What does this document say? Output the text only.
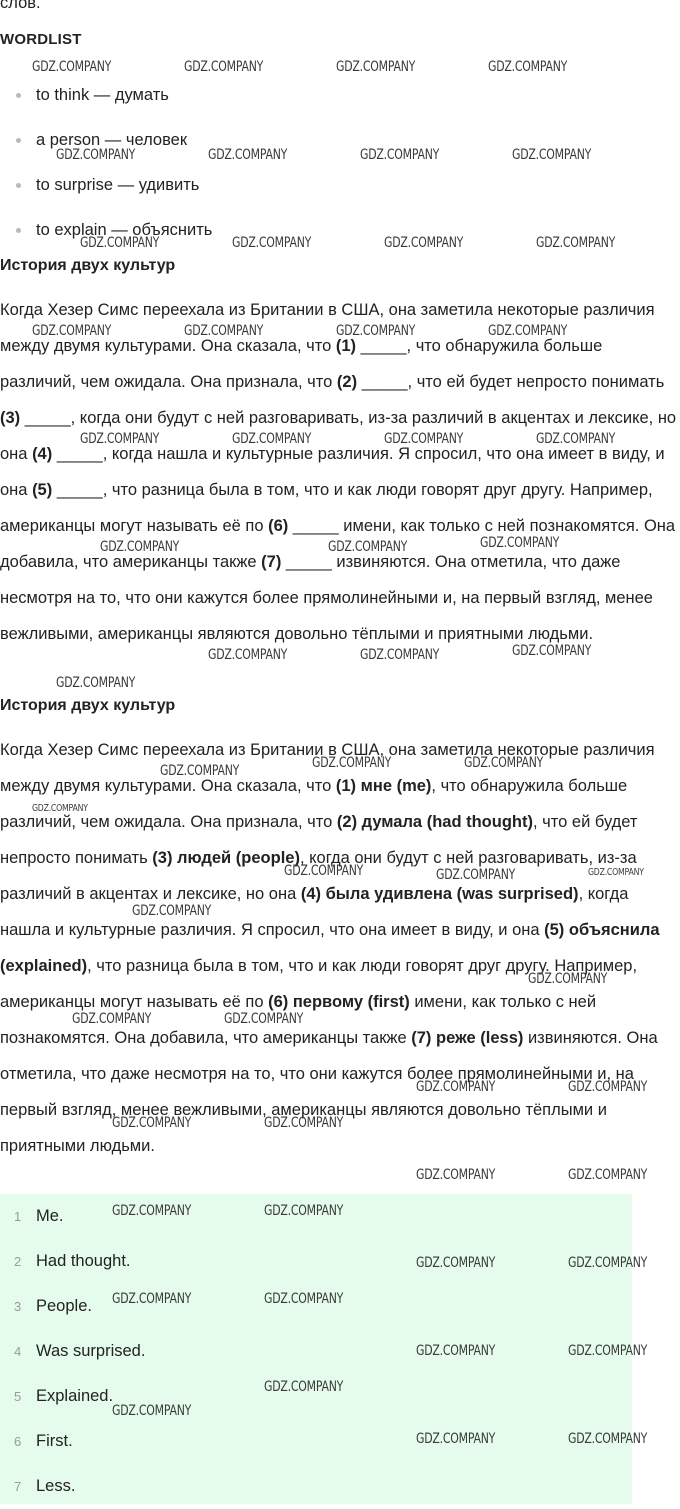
слов.
WORDLIST
to think — думать
a person — человек
to surprise — удивить
to explain — объяснить
История двух культур

Когда Хезер Симс переехала из Британии в США, она заметила некоторые различия между двумя культурами. Она сказала, что (1) _____, что обнаружила больше различий, чем ожидала. Она признала, что (2) _____, что ей будет непросто понимать (3) _____, когда они будут с ней разговаривать, из-за различий в акцентах и лексике, но она (4) _____, когда нашла и культурные различия. Я спросил, что она имеет в виду, и она (5) _____, что разница была в том, что и как люди говорят друг другу. Например, американцы могут называть её по (6) _____ имени, как только с ней познакомятся. Она добавила, что американцы также (7) _____ извиняются. Она отметила, что даже несмотря на то, что они кажутся более прямолинейными и, на первый взгляд, менее вежливыми, американцы являются довольно тёплыми и приятными людьми.

История двух культур

Когда Хезер Симс переехала из Британии в США, она заметила некоторые различия между двумя культурами. Она сказала, что (1) мне (me), что обнаружила больше различий, чем ожидала. Она признала, что (2) думала (had thought), что ей будет непросто понимать (3) людей (people), когда они будут с ней разговаривать, из-за различий в акцентах и лексике, но она (4) была удивлена (was surprised), когда нашла и культурные различия. Я спросил, что она имеет в виду, и она (5) объяснила (explained), что разница была в том, что и как люди говорят друг другу. Например, американцы могут называть её по (6) первому (first) имени, как только с ней познакомятся. Она добавила, что американцы также (7) реже (less) извиняются. Она отметила, что даже несмотря на то, что они кажутся более прямолинейными и, на первый взгляд, менее вежливыми, американцы являются довольно тёплыми и приятными людьми.

1 Me.
2 Had thought.
3 People.
4 Was surprised.
5 Explained.
6 First.
7 Less.
GDZ.COMPANY	GDZ.COMPANY	GDZ.COMPANY	GDZ.COMPANY
GDZ.COMPANY	GDZ.COMPANY	GDZ.COMPANY	GDZ.COMPANY
GDZ.COMPANY	GDZ.COMPANY	GDZ.COMPANY	GDZ.COMPANY
GDZ.COMPANY	GDZ.COMPANY	GDZ.COMPANY	GDZ.COMPANY
GDZ.COMPANY	GDZ.COMPANY	GDZ.COMPANY	GDZ.COMPANY
GDZ.COMPANY	GDZ.COMPANY	GDZ.COMPANY
GDZ.COMPANY	GDZ.COMPANY	GDZ.COMPANY
GDZ.COMPANY
GDZ.COMPANY	GDZ.COMPANY
GDZ.COMPANY
GDZ.COMPANY
GDZ.COMPANY	GDZ.COMPANY	GDZ.COMPANY
GDZ.COMPANY
GDZ.COMPANY
GDZ.COMPANY	GDZ.COMPANY
GDZ.COMPANY	GDZ.COMPANY
GDZ.COMPANY	GDZ.COMPANY
GDZ.COMPANY	GDZ.COMPANY
GDZ.COMPANY	GDZ.COMPANY
GDZ.COMPANY	GDZ.COMPANY
GDZ.COMPANY	GDZ.COMPANY
GDZ.COMPANY	GDZ.COMPANY
GDZ.COMPANY
GDZ.COMPANY
GDZ.COMPANY	GDZ.COMPANY
